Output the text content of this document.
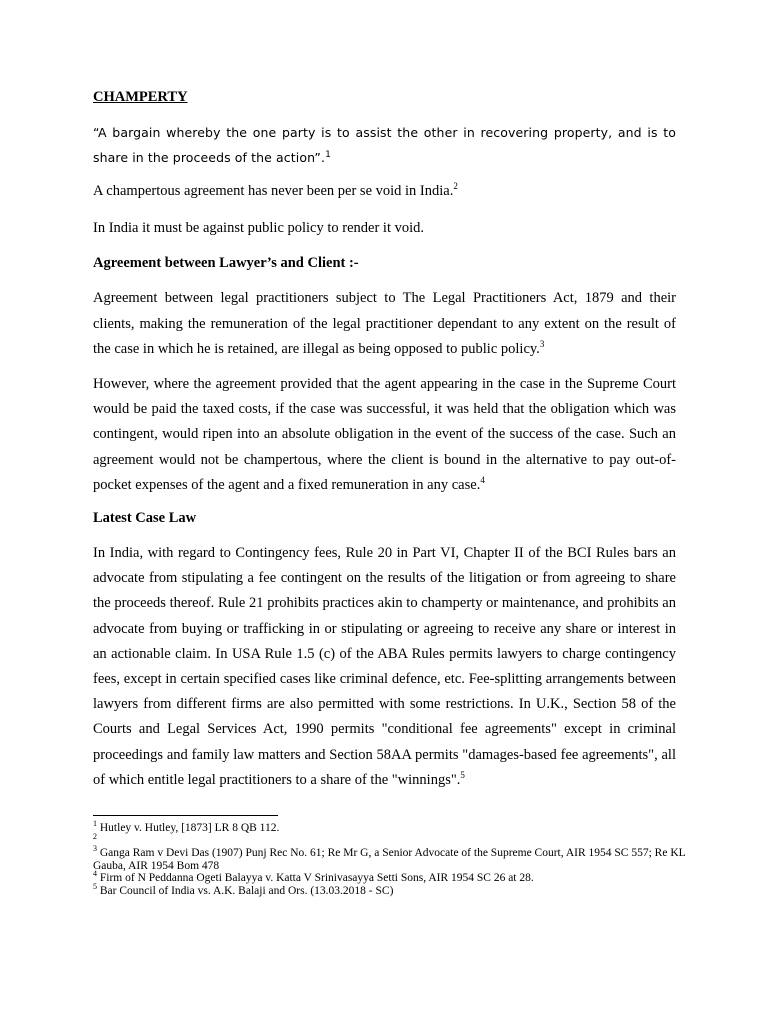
CHAMPERTY

“A bargain whereby the one party is to assist the other in recovering property, and is to share in the proceeds of the action”.$^1$

A champertous agreement has never been per se void in India.$^2$

In India it must be against public policy to render it void.

Agreement between Lawyer’s and Client :-

Agreement between legal practitioners subject to The Legal Practitioners Act, 1879 and their clients, making the remuneration of the legal practitioner dependant to any extent on the result of the case in which he is retained, are illegal as being opposed to public policy.$^3$

However, where the agreement provided that the agent appearing in the case in the Supreme Court would be paid the taxed costs, if the case was successful, it was held that the obligation which was contingent, would ripen into an absolute obligation in the event of the success of the case. Such an agreement would not be champertous, where the client is bound in the alternative to pay out-of-pocket expenses of the agent and a fixed remuneration in any case.$^4$

Latest Case Law

In India, with regard to Contingency fees, Rule 20 in Part VI, Chapter II of the BCI Rules bars an advocate from stipulating a fee contingent on the results of the litigation or from agreeing to share the proceeds thereof. Rule 21 prohibits practices akin to champerty or maintenance, and prohibits an advocate from buying or trafficking in or stipulating or agreeing to receive any share or interest in an actionable claim. In USA Rule 1.5 (c) of the ABA Rules permits lawyers to charge contingency fees, except in certain specified cases like criminal defence, etc. Fee-splitting arrangements between lawyers from different firms are also permitted with some restrictions. In U.K., Section 58 of the Courts and Legal Services Act, 1990 permits "conditional fee agreements" except in criminal proceedings and family law matters and Section 58AA permits "damages-based fee agreements", all of which entitle legal practitioners to a share of the "winnings".$^5$

$^1$ Hutley v. Hutley, [1873] LR 8 QB 112.

$^2$

$^3$ Ganga Ram v Devi Das (1907) Punj Rec No. 61; Re Mr G, a Senior Advocate of the Supreme Court, AIR 1954 SC 557; Re KL Gauba, AIR 1954 Bom 478

$^4$ Firm of N Peddanna Ogeti Balayya v. Katta V Srinivasayya Setti Sons, AIR 1954 SC 26 at 28.

$^5$ Bar Council of India vs. A.K. Balaji and Ors. (13.03.2018 - SC)
